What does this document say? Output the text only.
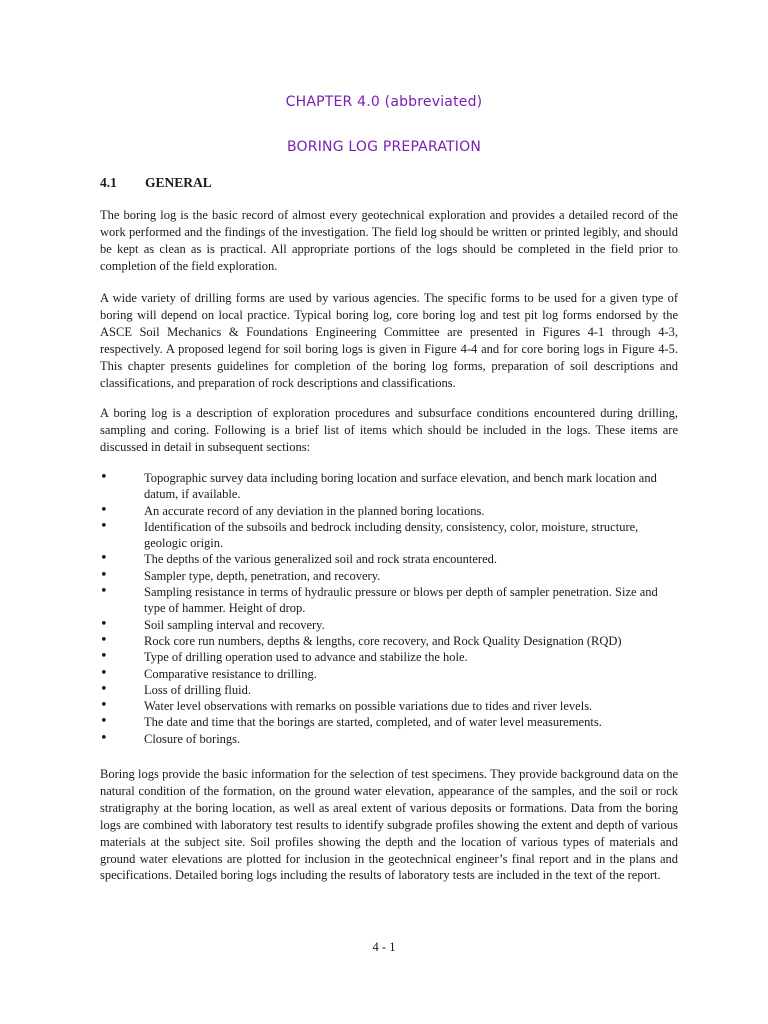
CHAPTER 4.0 (abbreviated)
BORING LOG PREPARATION
4.1 GENERAL

The boring log is the basic record of almost every geotechnical exploration and provides a detailed record of the work performed and the findings of the investigation. The field log should be written or printed legibly, and should be kept as clean as is practical. All appropriate portions of the logs should be completed in the field prior to completion of the field exploration.

A wide variety of drilling forms are used by various agencies. The specific forms to be used for a given type of boring will depend on local practice. Typical boring log, core boring log and test pit log forms endorsed by the ASCE Soil Mechanics & Foundations Engineering Committee are presented in Figures 4-1 through 4-3, respectively. A proposed legend for soil boring logs is given in Figure 4-4 and for core boring logs in Figure 4-5. This chapter presents guidelines for completion of the boring log forms, preparation of soil descriptions and classifications, and preparation of rock descriptions and classifications.

A boring log is a description of exploration procedures and subsurface conditions encountered during drilling, sampling and coring. Following is a brief list of items which should be included in the logs. These items are discussed in detail in subsequent sections:

•	Topographic survey data including boring location and surface elevation, and bench mark location and datum, if available.
•	An accurate record of any deviation in the planned boring locations.
•	Identification of the subsoils and bedrock including density, consistency, color, moisture, structure, geologic origin.
•	The depths of the various generalized soil and rock strata encountered.
•	Sampler type, depth, penetration, and recovery.
•	Sampling resistance in terms of hydraulic pressure or blows per depth of sampler penetration. Size and type of hammer. Height of drop.
•	Soil sampling interval and recovery.
•	Rock core run numbers, depths & lengths, core recovery, and Rock Quality Designation (RQD)
•	Type of drilling operation used to advance and stabilize the hole.
•	Comparative resistance to drilling.
•	Loss of drilling fluid.
•	Water level observations with remarks on possible variations due to tides and river levels.
•	The date and time that the borings are started, completed, and of water level measurements.
•	Closure of borings.

Boring logs provide the basic information for the selection of test specimens. They provide background data on the natural condition of the formation, on the ground water elevation, appearance of the samples, and the soil or rock stratigraphy at the boring location, as well as areal extent of various deposits or formations. Data from the boring logs are combined with laboratory test results to identify subgrade profiles showing the extent and depth of various materials at the subject site. Soil profiles showing the depth and the location of various types of materials and ground water elevations are plotted for inclusion in the geotechnical engineer’s final report and in the plans and specifications. Detailed boring logs including the results of laboratory tests are included in the text of the report.

4 - 1
